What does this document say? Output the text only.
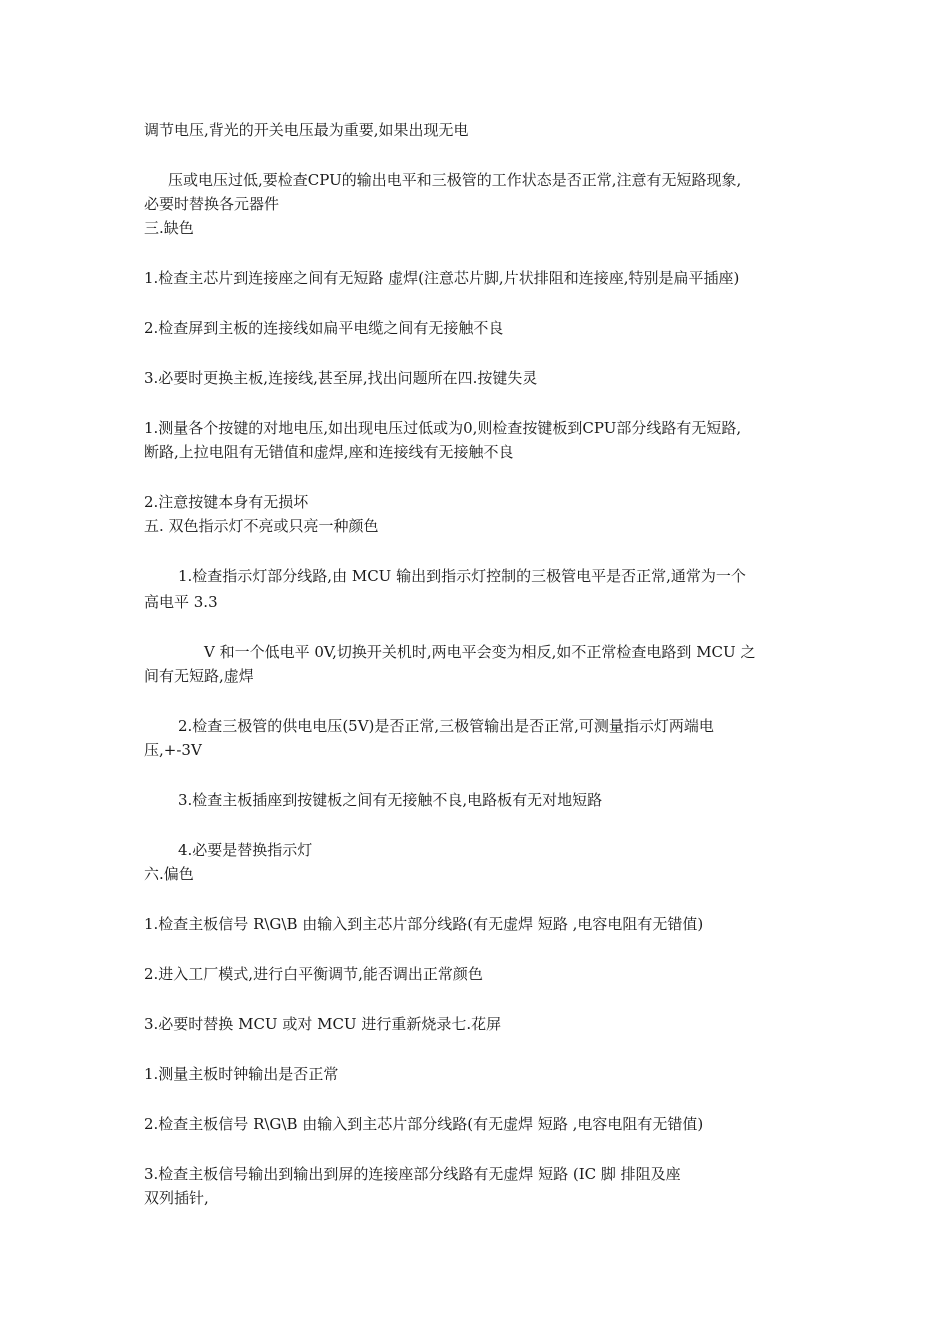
调节电压,背光的开关电压最为重要,如果出现无电
压或电压过低,要检查CPU的输出电平和三极管的工作状态是否正常,注意有无短路现象,
必要时替换各元器件
三.缺色
1.检查主芯片到连接座之间有无短路 虚焊(注意芯片脚,片状排阻和连接座,特别是扁平插座)
2.检查屏到主板的连接线如扁平电缆之间有无接触不良
3.必要时更换主板,连接线,甚至屏,找出问题所在四.按键失灵
1.测量各个按键的对地电压,如出现电压过低或为0,则检查按键板到CPU部分线路有无短路,
断路,上拉电阻有无错值和虚焊,座和连接线有无接触不良
2.注意按键本身有无损坏
五. 双色指示灯不亮或只亮一种颜色
1.检查指示灯部分线路,由 MCU 输出到指示灯控制的三极管电平是否正常,通常为一个
高电平 3.3
V 和一个低电平 0V,切换开关机时,两电平会变为相反,如不正常检查电路到 MCU 之
间有无短路,虚焊
2.检查三极管的供电电压(5V)是否正常,三极管输出是否正常,可测量指示灯两端电
压,+-3V
3.检查主板插座到按键板之间有无接触不良,电路板有无对地短路
4.必要是替换指示灯
六.偏色
1.检查主板信号 R\G\B 由输入到主芯片部分线路(有无虚焊 短路 ,电容电阻有无错值)
2.进入工厂模式,进行白平衡调节,能否调出正常颜色
3.必要时替换 MCU 或对 MCU 进行重新烧录七.花屏
1.测量主板时钟输出是否正常
2.检查主板信号 R\G\B 由输入到主芯片部分线路(有无虚焊 短路 ,电容电阻有无错值)
3.检查主板信号输出到输出到屏的连接座部分线路有无虚焊 短路 (IC 脚 排阻及座
双列插针,
